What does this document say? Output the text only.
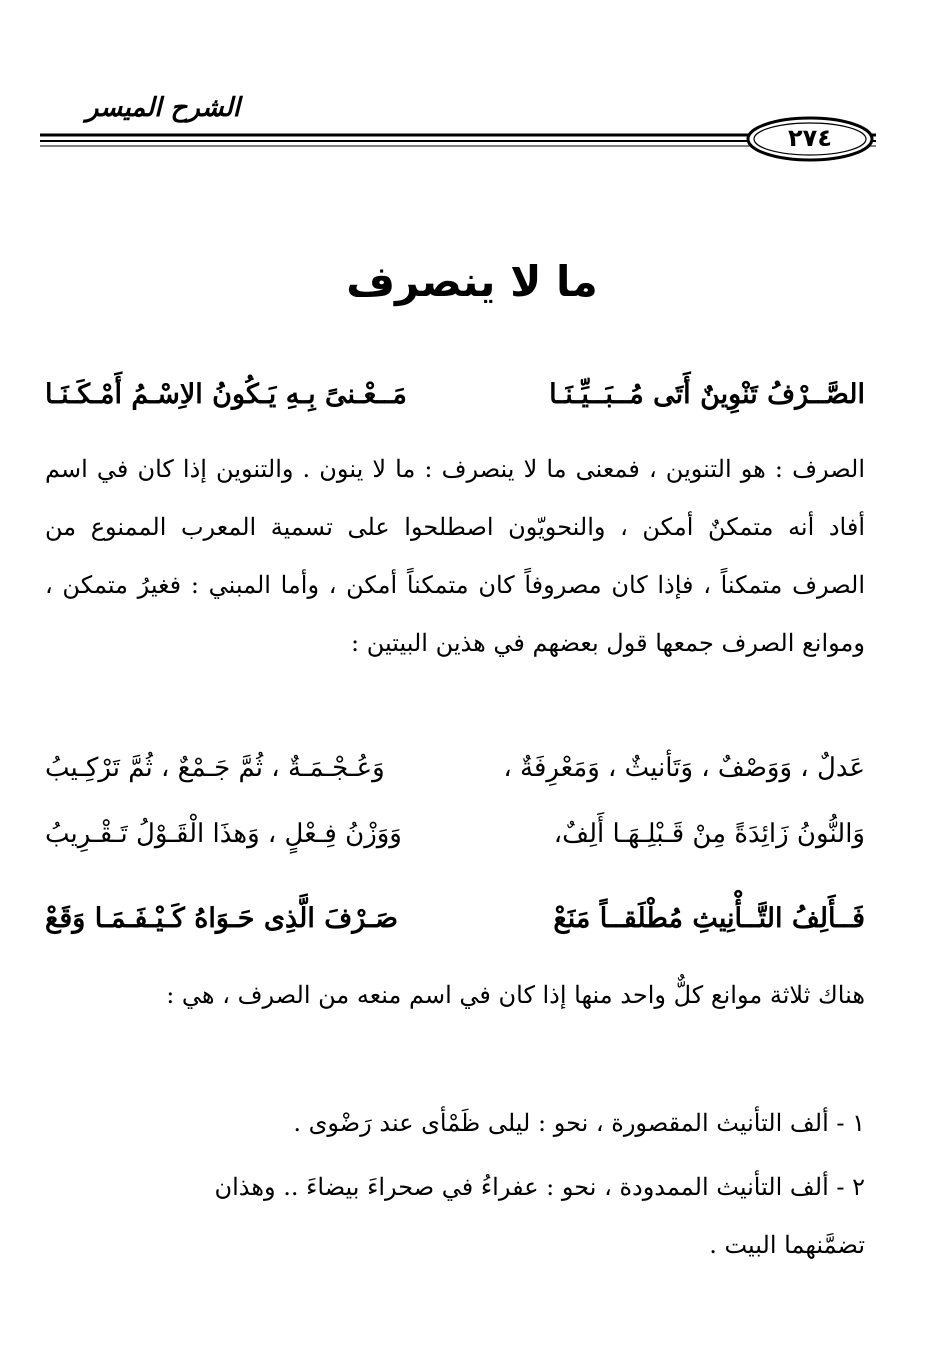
الشرح الميسر
٢٧٤
ما لا ينصرف
الصَّــرْفُ تَنْوِينٌ أَتَى مُــبَــيِّـنَـا
مَــعْـنىً بِـهِ يَـكُونُ الاِسْـمُ أَمْـكَـنَـا
الصرف : هو التنوين ، فمعنى ما لا ينصرف : ما لا ينون . والتنوين إذا كان في اسم أفاد أنه متمكنٌ أمكن ، والنحويّون اصطلحوا على تسمية المعرب الممنوع من الصرف متمكناً ، فإذا كان مصروفاً كان متمكناً أمكن ، وأما المبني : فغيرُ متمكن ، وموانع الصرف جمعها قول بعضهم في هذين البيتين :
عَدلٌ ، وَوَصْفٌ ، وَتَأنيثٌ ، وَمَعْرِفَةٌ ،
وَعُـجْـمَـةٌ ، ثُمَّ جَـمْعٌ ، ثُمَّ تَرْكِـيبُ
وَالنُّونُ زَائِدَةً مِنْ قَـبْلِـهَـا أَلِفٌ،
وَوَزْنُ فِـعْلٍ ، وَهذَا الْقَـوْلُ تَـقْـرِيبُ
فَــأَلِفُ التَّــأْنِيثِ مُطْلَقــاً مَنَعْ
صَـرْفَ الَّذِى حَـوَاهُ كَـيْـفَـمَـا وَقَعْ
هناك ثلاثة موانع كلٌّ واحد منها إذا كان في اسم منعه من الصرف ، هي :
١ - ألف التأنيث المقصورة ، نحو : ليلى ظَمْأى عند رَضْوى .
٢ - ألف التأنيث الممدودة ، نحو : عفراءُ في صحراءَ بيضاءَ .. وهذان
تضمَّنهما البيت .
